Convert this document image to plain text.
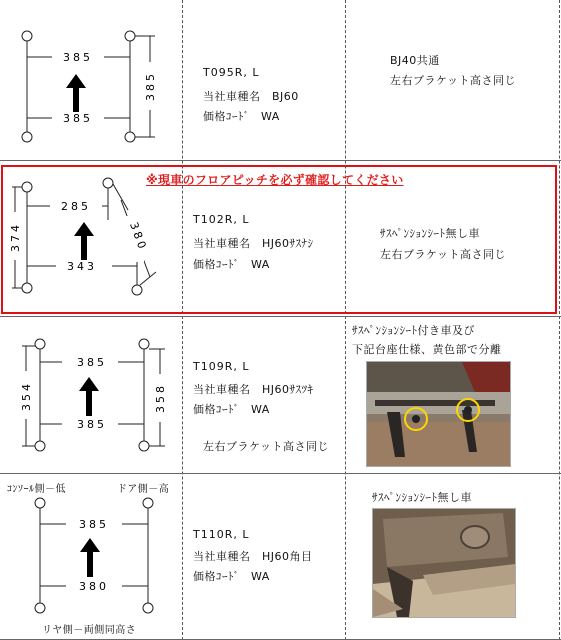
385
385
385	T095R, L
当社車種名　BJ60
価格ｺｰﾄﾞ　WA
BJ40共通
左右ブラケット高さ同じ
285
343
374	380
※現車のフロアピッチを必ず確認してください
T102R, L
当社車種名　HJ60ｻｽﾅｼ
価格ｺｰﾄﾞ　WA
ｻｽﾍﾟﾝｼｮﾝｼｰﾄ無し車
左右ブラケット高さ同じ
385
385
354	358
T109R, L
当社車種名　HJ60ｻｽﾂｷ
価格ｺｰﾄﾞ　WA
左右ブラケット高さ同じ
ｻｽﾍﾟﾝｼｮﾝｼｰﾄ付き車及び
下記台座仕様、黄色部で分離
ｺﾝｿｰﾙ側－低	ドア側－高
リヤ側－両側同高さ
385
380
T110R, L
当社車種名　HJ60角目
価格ｺｰﾄﾞ　WA
ｻｽﾍﾟﾝｼｮﾝｼｰﾄ無し車
